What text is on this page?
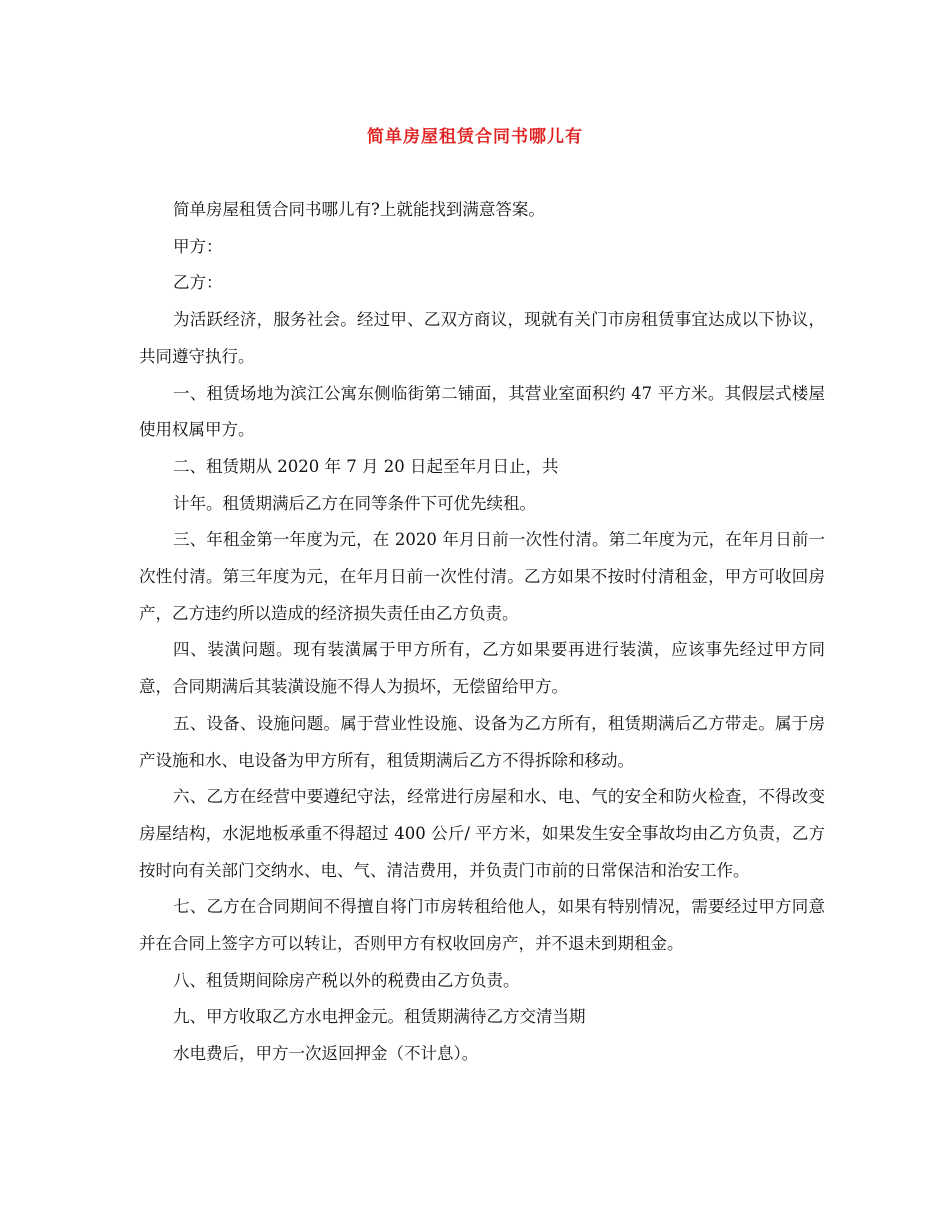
简单房屋租赁合同书哪儿有

简单房屋租赁合同书哪儿有?上就能找到满意答案。

甲方：

乙方：

为活跃经济，服务社会。经过甲、乙双方商议，现就有关门市房租赁事宜达成以下协议，共同遵守执行。

一、租赁场地为滨江公寓东侧临街第二铺面，其营业室面积约 47 平方米。其假层式楼屋使用权属甲方。

二、租赁期从 2020 年 7 月 20 日起至年月日止，共

计年。租赁期满后乙方在同等条件下可优先续租。

三、年租金第一年度为元，在 2020 年月日前一次性付清。第二年度为元，在年月日前一次性付清。第三年度为元，在年月日前一次性付清。乙方如果不按时付清租金，甲方可收回房产，乙方违约所以造成的经济损失责任由乙方负责。

四、装潢问题。现有装潢属于甲方所有，乙方如果要再进行装潢，应该事先经过甲方同意，合同期满后其装潢设施不得人为损坏，无偿留给甲方。

五、设备、设施问题。属于营业性设施、设备为乙方所有，租赁期满后乙方带走。属于房产设施和水、电设备为甲方所有，租赁期满后乙方不得拆除和移动。

六、乙方在经营中要遵纪守法，经常进行房屋和水、电、气的安全和防火检查，不得改变房屋结构，水泥地板承重不得超过 400 公斤/ 平方米，如果发生安全事故均由乙方负责，乙方按时向有关部门交纳水、电、气、清洁费用，并负责门市前的日常保洁和治安工作。

七、乙方在合同期间不得擅自将门市房转租给他人，如果有特别情况，需要经过甲方同意并在合同上签字方可以转让，否则甲方有权收回房产，并不退未到期租金。

八、租赁期间除房产税以外的税费由乙方负责。

九、甲方收取乙方水电押金元。租赁期满待乙方交清当期

水电费后，甲方一次返回押金（不计息）。
